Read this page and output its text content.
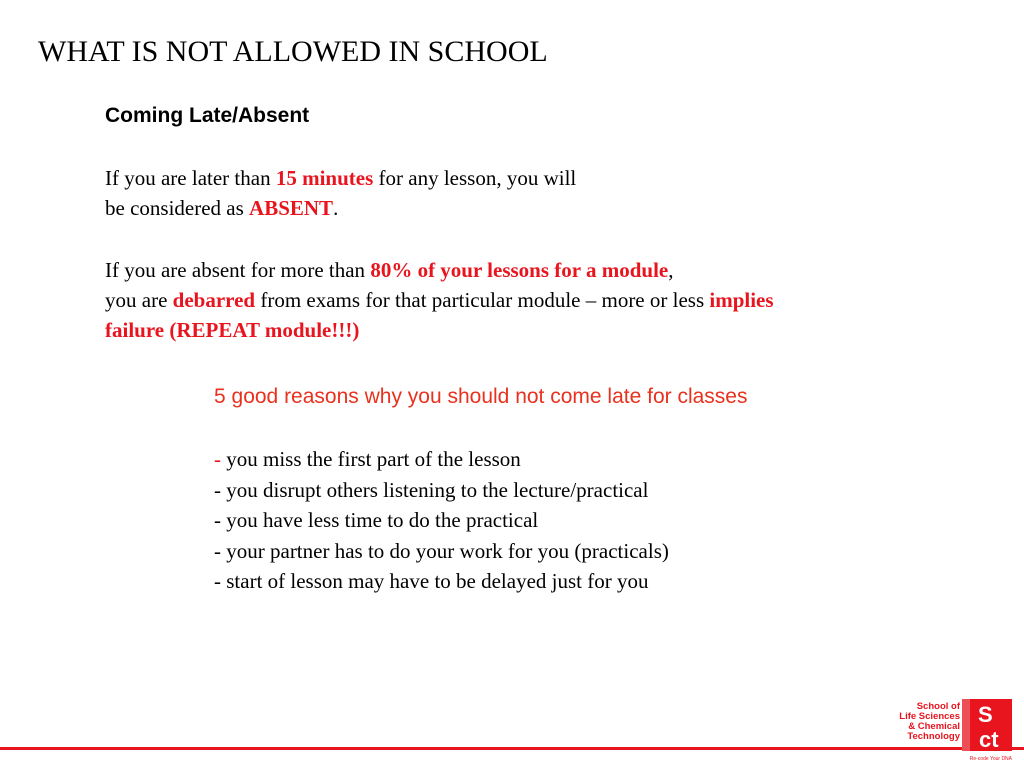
WHAT IS NOT ALLOWED IN SCHOOL
Coming Late/Absent
If you are later than 15 minutes for any lesson, you will
be considered as ABSENT.
If you are absent for more than 80% of your lessons for a module,
you are debarred from exams for that particular module – more or less implies
failure (REPEAT module!!!)
5 good reasons why you should not come late for classes
- you miss the first part of the lesson
- you disrupt others listening to the lecture/practical
- you have less time to do the practical
- your partner has to do your work for you (practicals)
- start of lesson may have to be delayed just for you
School of
Life Sciences
& Chemical
Technology
S
ct
Re-code Your DNA
